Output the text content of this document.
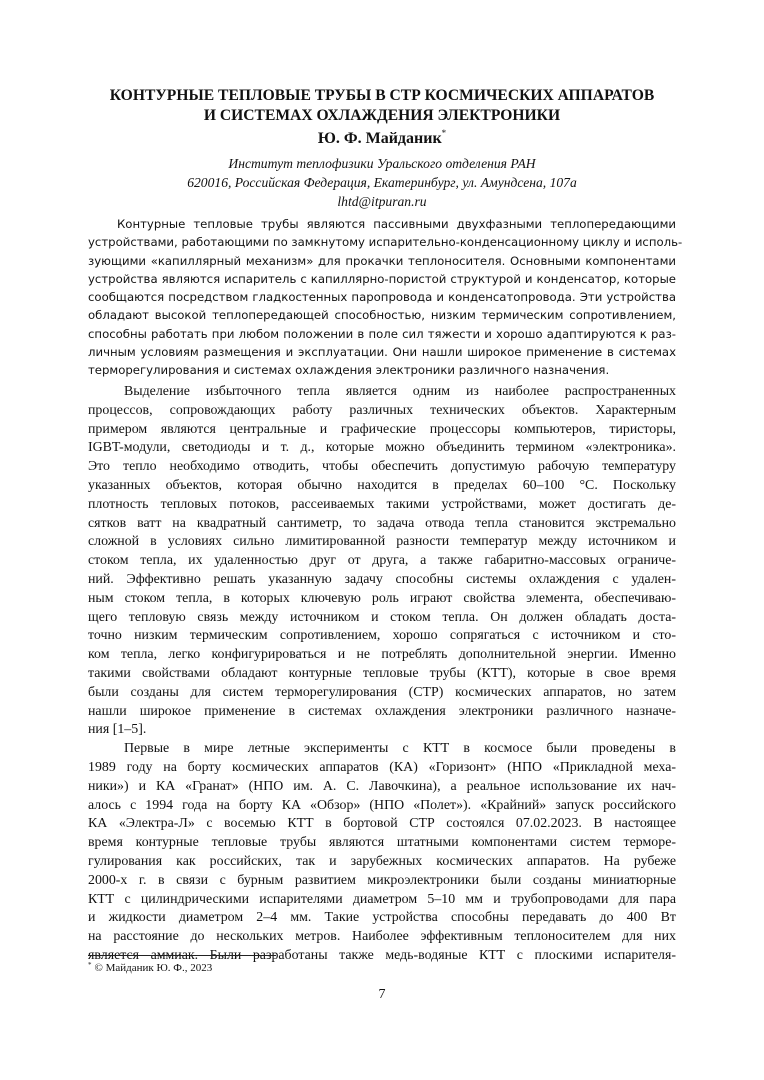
КОНТУРНЫЕ ТЕПЛОВЫЕ ТРУБЫ В СТР КОСМИЧЕСКИХ АППАРАТОВ
И СИСТЕМАХ ОХЛАЖДЕНИЯ ЭЛЕКТРОНИКИ
Ю. Ф. Майданик*
Институт теплофизики Уральского отделения РАН
620016, Российская Федерация, Екатеринбург, ул. Амундсена, 107а
lhtd@itpuran.ru
Контурные тепловые трубы являются пассивными двухфазными теплопередающими
устройствами, работающими по замкнутому испарительно-конденсационному циклу и исполь-
зующими «капиллярный механизм» для прокачки теплоносителя. Основными компонентами
устройства являются испаритель с капиллярно-пористой структурой и конденсатор, которые
сообщаются посредством гладкостенных паропровода и конденсатопровода. Эти устройства
обладают высокой теплопередающей способностью, низким термическим сопротивлением,
способны работать при любом положении в поле сил тяжести и хорошо адаптируются к раз-
личным условиям размещения и эксплуатации. Они нашли широкое применение в системах
терморегулирования и системах охлаждения электроники различного назначения.
Выделение избыточного тепла является одним из наиболее распространенных
процессов, сопровождающих работу различных технических объектов. Характерным
примером являются центральные и графические процессоры компьютеров, тиристоры,
IGBT-модули, светодиоды и т. д., которые можно объединить термином «электроника».
Это тепло необходимо отводить, чтобы обеспечить допустимую рабочую температуру
указанных объектов, которая обычно находится в пределах 60–100 °С. Поскольку
плотность тепловых потоков, рассеиваемых такими устройствами, может достигать де-
сятков ватт на квадратный сантиметр, то задача отвода тепла становится экстремально
сложной в условиях сильно лимитированной разности температур между источником и
стоком тепла, их удаленностью друг от друга, а также габаритно-массовых ограниче-
ний. Эффективно решать указанную задачу способны системы охлаждения с удален-
ным стоком тепла, в которых ключевую роль играют свойства элемента, обеспечиваю-
щего тепловую связь между источником и стоком тепла. Он должен обладать доста-
точно низким термическим сопротивлением, хорошо сопрягаться с источником и сто-
ком тепла, легко конфигурироваться и не потреблять дополнительной энергии. Именно
такими свойствами обладают контурные тепловые трубы (КТТ), которые в свое время
были созданы для систем терморегулирования (СТР) космических аппаратов, но затем
нашли широкое применение в системах охлаждения электроники различного назначе-
ния [1–5].
Первые в мире летные эксперименты с КТТ в космосе были проведены в
1989 году на борту космических аппаратов (КА) «Горизонт» (НПО «Прикладной меха-
ники») и КА «Гранат» (НПО им. А. С. Лавочкина), а реальное использование их нач-
алось с 1994 года на борту КА «Обзор» (НПО «Полет»). «Крайний» запуск российского
КА «Электра-Л» с восемью КТТ в бортовой СТР состоялся 07.02.2023. В настоящее
время контурные тепловые трубы являются штатными компонентами систем терморе-
гулирования как российских, так и зарубежных космических аппаратов. На рубеже
2000-х г. в связи с бурным развитием микроэлектроники были созданы миниатюрные
КТТ с цилиндрическими испарителями диаметром 5–10 мм и трубопроводами для пара
и жидкости диаметром 2–4 мм. Такие устройства способны передавать до 400 Вт
на расстояние до нескольких метров. Наиболее эффективным теплоносителем для них
является аммиак. Были разработаны также медь-водяные КТТ с плоскими испарителя-
* © Майданик Ю. Ф., 2023
7
